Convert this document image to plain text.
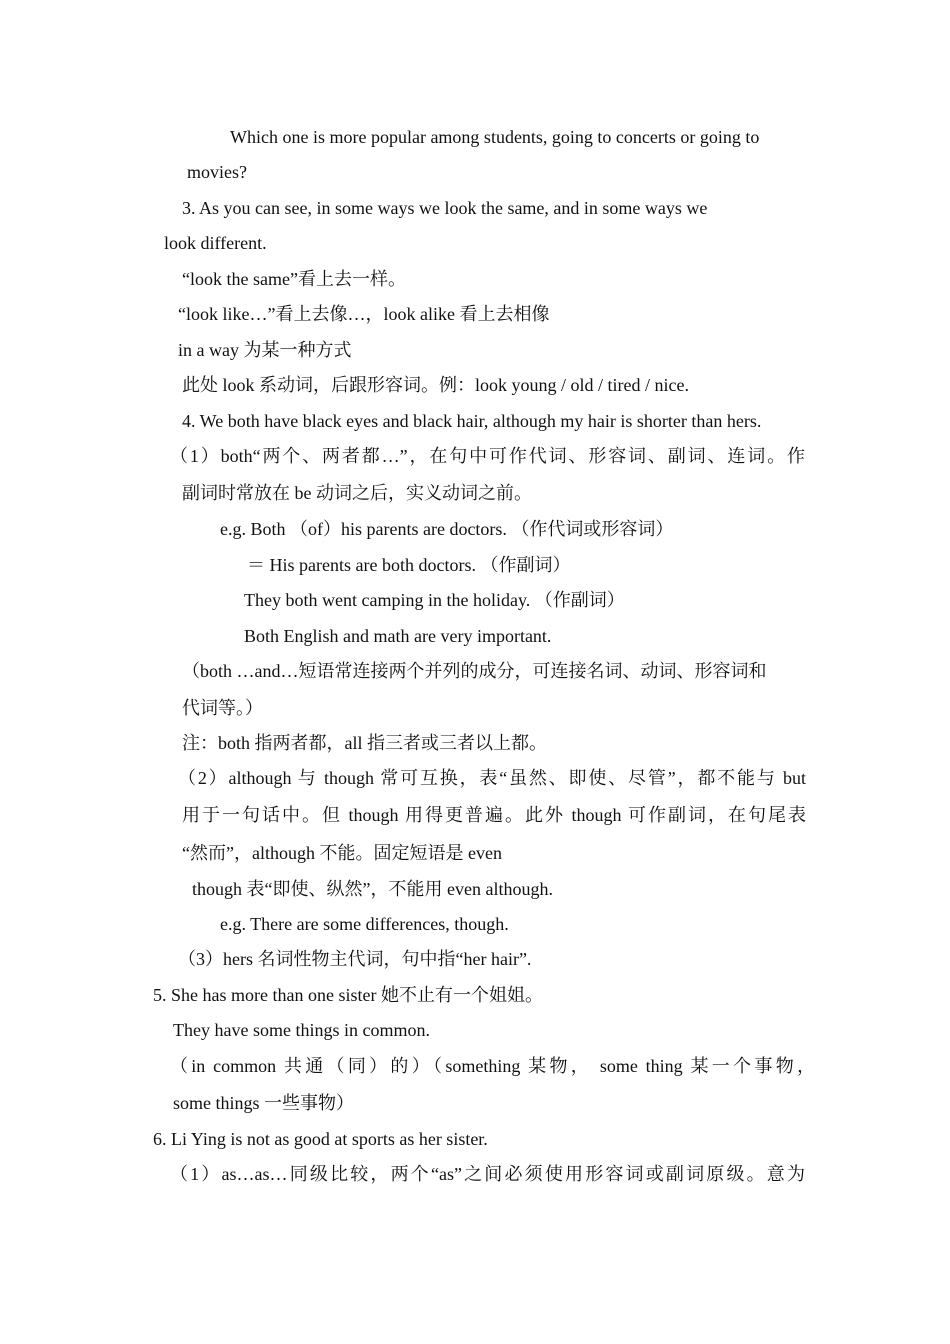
Which one is more popular among students, going to concerts or going to
movies?
3. As you can see, in some ways we look the same, and in some ways we
look different.
“look the same”看上去一样。
“look like…”看上去像…，look alike 看上去相像
in a way 为某一种方式
此处 look 系动词，后跟形容词。例：look young / old / tired / nice.
4. We both have black eyes and black hair, although my hair is shorter than hers.
（1）both“两个、两者都…”，在句中可作代词、形容词、副词、连词。作
副词时常放在 be 动词之后，实义动词之前。
e.g. Both （of）his parents are doctors. （作代词或形容词）
＝ His parents are both doctors. （作副词）
They both went camping in the holiday. （作副词）
Both English and math are very important.
（both …and…短语常连接两个并列的成分，可连接名词、动词、形容词和
代词等。）
注：both 指两者都，all 指三者或三者以上都。
（2）although 与 though 常可互换，表“虽然、即使、尽管”，都不能与 but
用于一句话中。但 though 用得更普遍。此外 though 可作副词，在句尾表
“然而”，although 不能。固定短语是 even
though 表“即使、纵然”，不能用 even although.
e.g. There are some differences, though.
（3）hers 名词性物主代词，句中指“her hair”.
5. She has more than one sister 她不止有一个姐姐。
They have some things in common.
（in common 共通（同）的）（something 某物， some thing 某一个事物，
some things 一些事物）
6. Li Ying is not as good at sports as her sister.
（1）as…as…同级比较，两个“as”之间必须使用形容词或副词原级。意为
